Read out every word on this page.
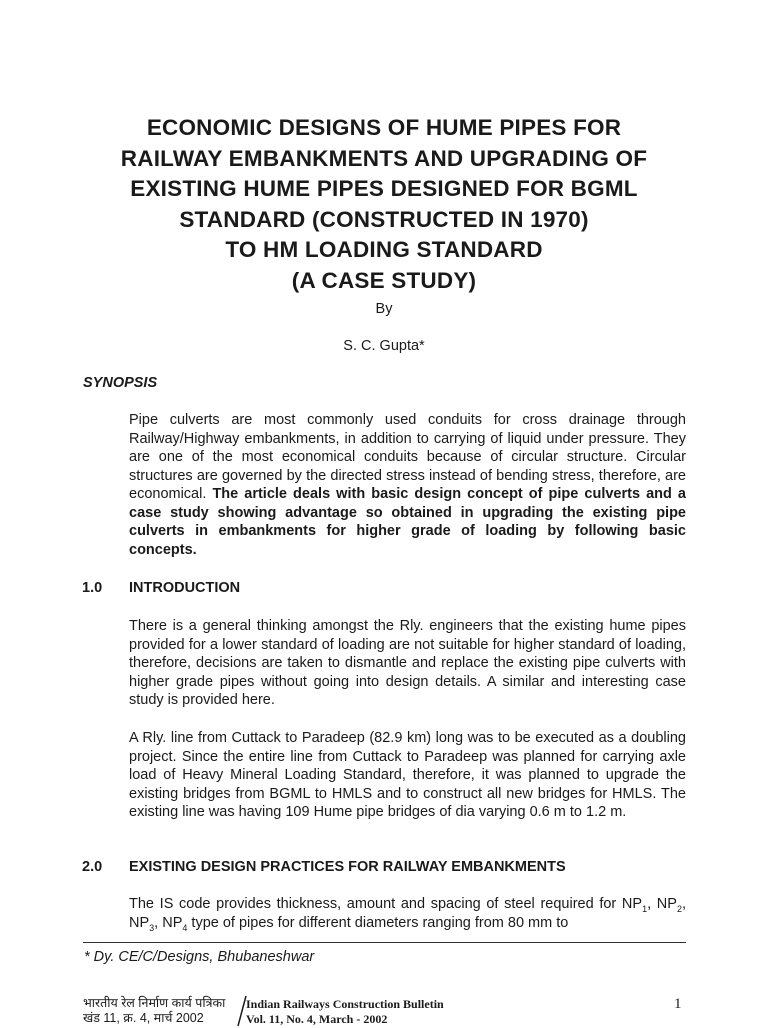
ECONOMIC DESIGNS OF HUME PIPES FOR
RAILWAY EMBANKMENTS AND UPGRADING OF
EXISTING HUME PIPES DESIGNED FOR BGML
STANDARD (CONSTRUCTED IN 1970)
TO HM LOADING STANDARD
(A CASE STUDY)
By
S. C. Gupta*
SYNOPSIS
Pipe culverts are most commonly used conduits for cross drainage through Railway/Highway embankments, in addition to carrying of liquid under pressure. They are one of the most economical conduits because of circular structure. Circular structures are governed by the directed stress instead of bending stress, therefore, are economical. The article deals with basic design concept of pipe culverts and a case study showing advantage so obtained in upgrading the existing pipe culverts in embankments for higher grade of loading by following basic concepts.
1.0 INTRODUCTION
There is a general thinking amongst the Rly. engineers that the existing hume pipes provided for a lower standard of loading are not suitable for higher standard of loading, therefore, decisions are taken to dismantle and replace the existing pipe culverts with higher grade pipes without going into design details. A similar and interesting case study is provided here.
A Rly. line from Cuttack to Paradeep (82.9 km) long was to be executed as a doubling project. Since the entire line from Cuttack to Paradeep was planned for carrying axle load of Heavy Mineral Loading Standard, therefore, it was planned to upgrade the existing bridges from BGML to HMLS and to construct all new bridges for HMLS. The existing line was having 109 Hume pipe bridges of dia varying 0.6 m to 1.2 m.
2.0 EXISTING DESIGN PRACTICES FOR RAILWAY EMBANKMENTS
The IS code provides thickness, amount and spacing of steel required for $NP_1$, $NP_2$, $NP_3$, $NP_4$ type of pipes for different diameters ranging from 80 mm to
* Dy. CE/C/Designs, Bhubaneshwar
भारतीय रेल निर्माण कार्य पत्रिका
खंड 11, क्र. 4, मार्च 2002
Indian Railways Construction Bulletin
Vol. 11, No. 4, March - 2002
1
